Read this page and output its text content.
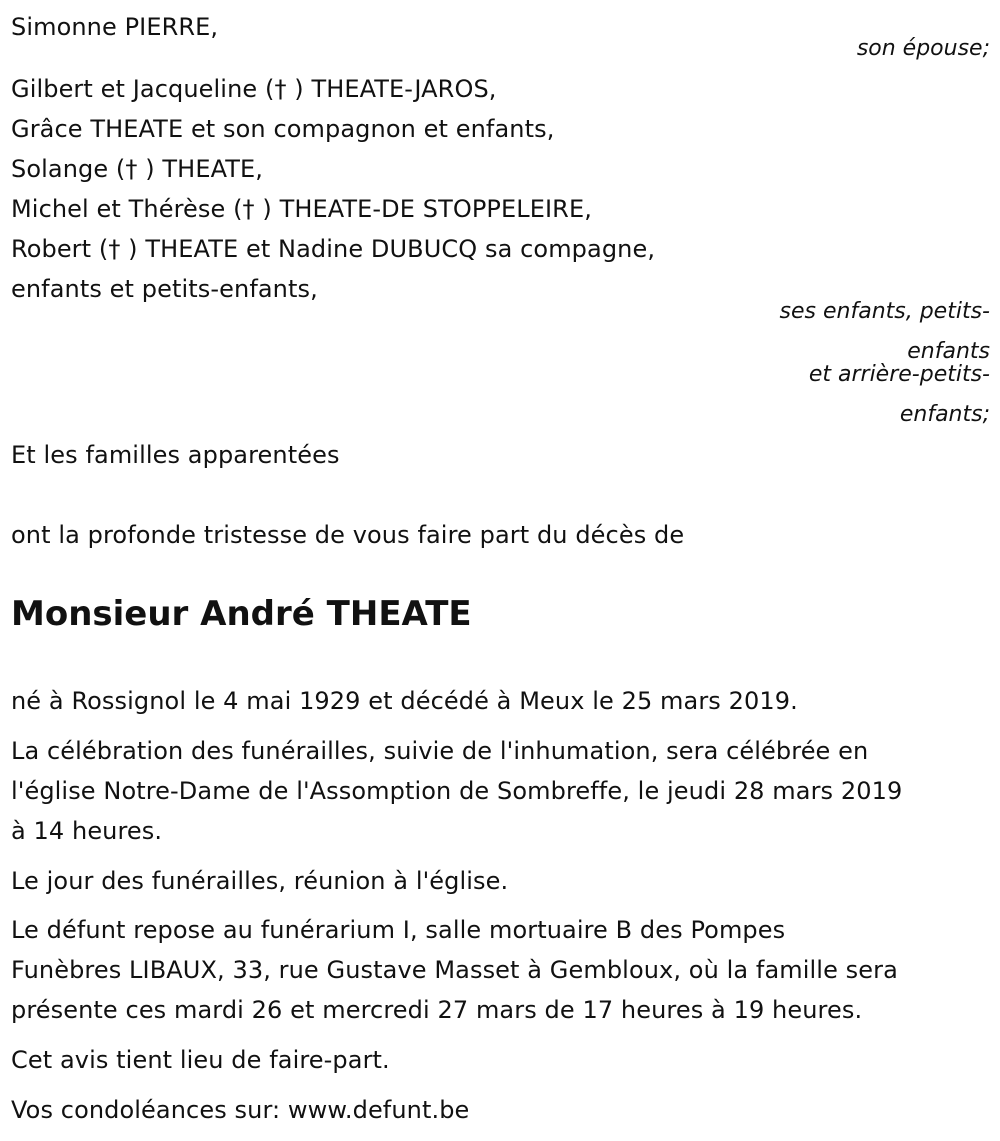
Simonne PIERRE,
son épouse;
Gilbert et Jacqueline († ) THEATE-JAROS,
Grâce THEATE et son compagnon et enfants,
Solange († ) THEATE,
Michel et Thérèse († ) THEATE-DE STOPPELEIRE,
Robert († ) THEATE et Nadine DUBUCQ sa compagne,
enfants et petits-enfants,
ses enfants, petits-
enfants
et arrière-petits-
enfants;
Et les familles apparentées
ont la profonde tristesse de vous faire part du décès de
Monsieur André THEATE
né à Rossignol le 4 mai 1929 et décédé à Meux le 25 mars 2019.
La célébration des funérailles, suivie de l'inhumation, sera célébrée en
l'église Notre-Dame de l'Assomption de Sombreffe, le jeudi 28 mars 2019
à 14 heures.
Le jour des funérailles, réunion à l'église.
Le défunt repose au funérarium I, salle mortuaire B des Pompes
Funèbres LIBAUX, 33, rue Gustave Masset à Gembloux, où la famille sera
présente ces mardi 26 et mercredi 27 mars de 17 heures à 19 heures.
Cet avis tient lieu de faire-part.
Vos condoléances sur: www.defunt.be
